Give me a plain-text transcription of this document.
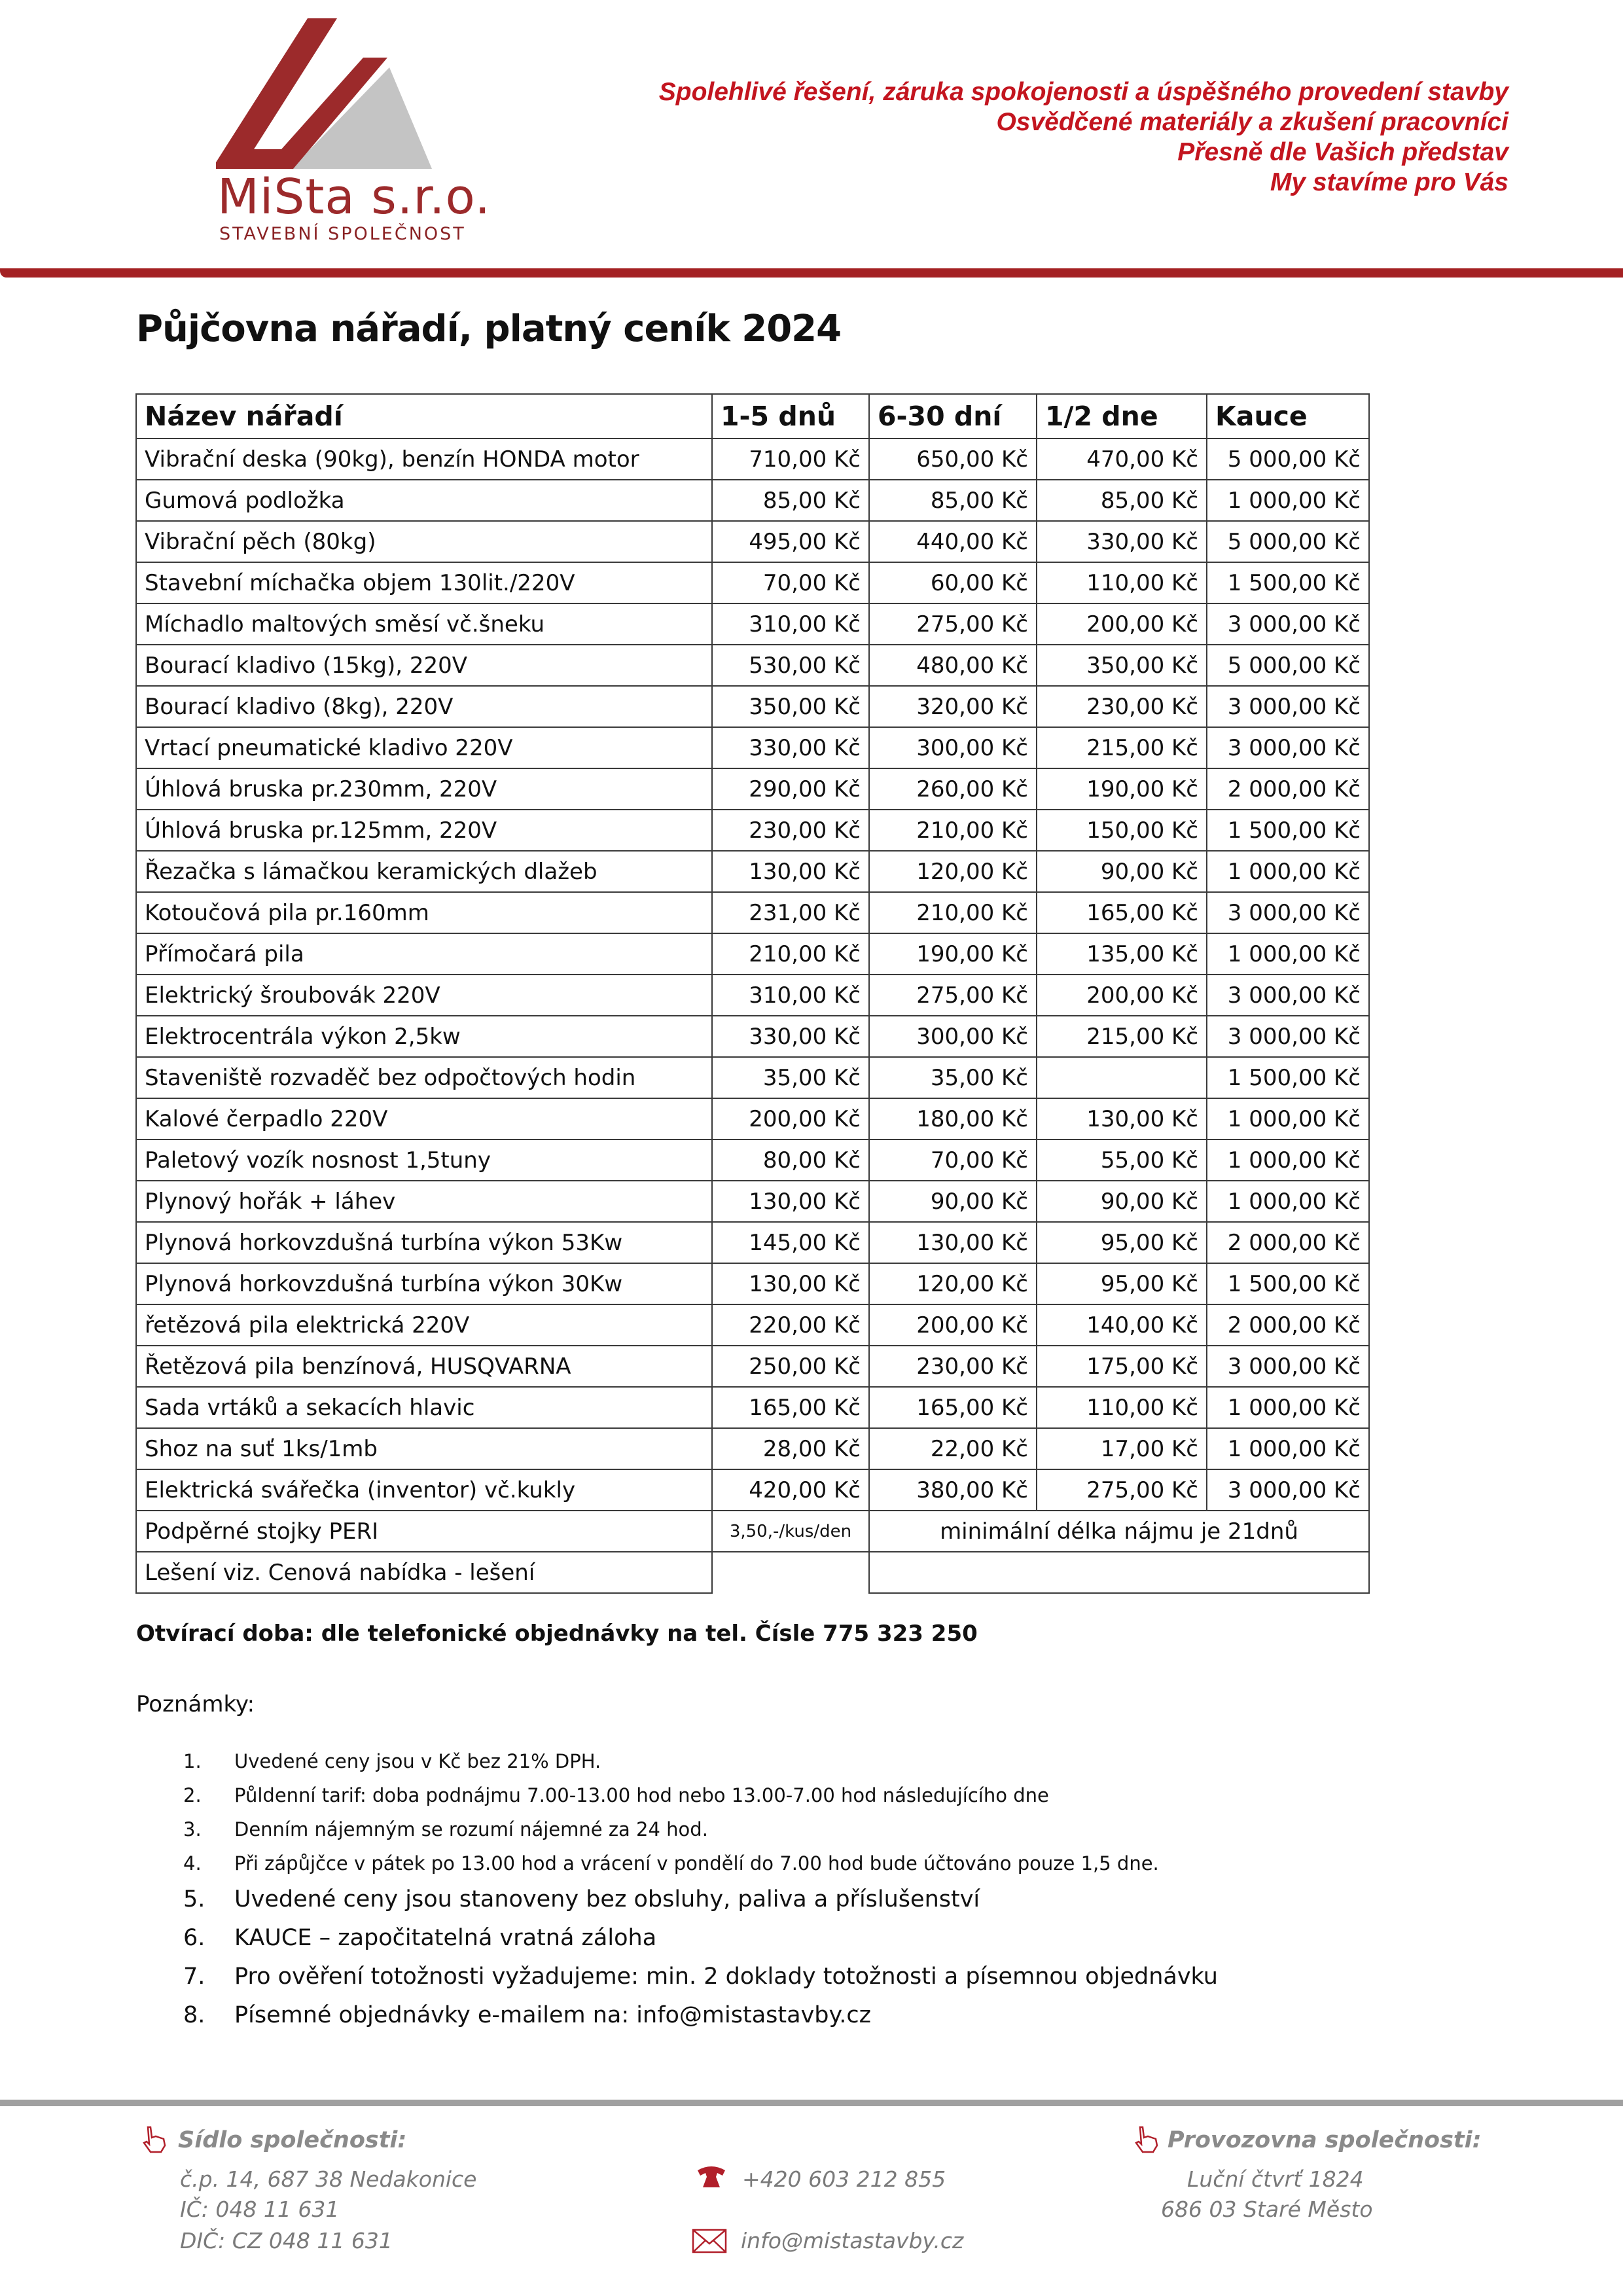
MiSta s.r.o.
STAVEBNÍ SPOLEČNOST
Spolehlivé řešení, záruka spokojenosti a úspěšného provedení stavby
Osvědčené materiály a zkušení pracovníci
Přesně dle Vašich představ
My stavíme pro Vás
Půjčovna nářadí, platný ceník 2024
Název nářadí	1-5 dnů	6-30 dní	1/2 dne	Kauce
Vibrační deska (90kg), benzín HONDA motor	710,00 Kč	650,00 Kč	470,00 Kč	5 000,00 Kč
Gumová podložka	85,00 Kč	85,00 Kč	85,00 Kč	1 000,00 Kč
Vibrační pěch (80kg)	495,00 Kč	440,00 Kč	330,00 Kč	5 000,00 Kč
Stavební míchačka objem 130lit./220V	70,00 Kč	60,00 Kč	110,00 Kč	1 500,00 Kč
Míchadlo maltových směsí vč.šneku	310,00 Kč	275,00 Kč	200,00 Kč	3 000,00 Kč
Bourací kladivo (15kg), 220V	530,00 Kč	480,00 Kč	350,00 Kč	5 000,00 Kč
Bourací kladivo (8kg), 220V	350,00 Kč	320,00 Kč	230,00 Kč	3 000,00 Kč
Vrtací pneumatické kladivo 220V	330,00 Kč	300,00 Kč	215,00 Kč	3 000,00 Kč
Úhlová bruska pr.230mm, 220V	290,00 Kč	260,00 Kč	190,00 Kč	2 000,00 Kč
Úhlová bruska pr.125mm, 220V	230,00 Kč	210,00 Kč	150,00 Kč	1 500,00 Kč
Řezačka s lámačkou keramických dlažeb	130,00 Kč	120,00 Kč	90,00 Kč	1 000,00 Kč
Kotoučová pila pr.160mm	231,00 Kč	210,00 Kč	165,00 Kč	3 000,00 Kč
Přímočará pila	210,00 Kč	190,00 Kč	135,00 Kč	1 000,00 Kč
Elektrický šroubovák 220V	310,00 Kč	275,00 Kč	200,00 Kč	3 000,00 Kč
Elektrocentrála výkon 2,5kw	330,00 Kč	300,00 Kč	215,00 Kč	3 000,00 Kč
Staveniště rozvaděč bez odpočtových hodin	35,00 Kč	35,00 Kč		1 500,00 Kč
Kalové čerpadlo 220V	200,00 Kč	180,00 Kč	130,00 Kč	1 000,00 Kč
Paletový vozík nosnost 1,5tuny	80,00 Kč	70,00 Kč	55,00 Kč	1 000,00 Kč
Plynový hořák + láhev	130,00 Kč	90,00 Kč	90,00 Kč	1 000,00 Kč
Plynová horkovzdušná turbína výkon 53Kw	145,00 Kč	130,00 Kč	95,00 Kč	2 000,00 Kč
Plynová horkovzdušná turbína výkon 30Kw	130,00 Kč	120,00 Kč	95,00 Kč	1 500,00 Kč
řetězová pila elektrická 220V	220,00 Kč	200,00 Kč	140,00 Kč	2 000,00 Kč
Řetězová pila benzínová, HUSQVARNA	250,00 Kč	230,00 Kč	175,00 Kč	3 000,00 Kč
Sada vrtáků a sekacích hlavic	165,00 Kč	165,00 Kč	110,00 Kč	1 000,00 Kč
Shoz na suť 1ks/1mb	28,00 Kč	22,00 Kč	17,00 Kč	1 000,00 Kč
Elektrická svářečka (inventor) vč.kukly	420,00 Kč	380,00 Kč	275,00 Kč	3 000,00 Kč
Podpěrné stojky PERI	3,50,-/kus/den	minimální délka nájmu je 21dnů		
Lešení viz. Cenová nabídka - lešení				
Otvírací doba: dle telefonické objednávky na tel. Čísle 775 323 250
Poznámky:
1.	Uvedené ceny jsou v Kč bez 21% DPH.
2.	Půldenní tarif: doba podnájmu 7.00-13.00 hod nebo 13.00-7.00 hod následujícího dne
3.	Denním nájemným se rozumí nájemné za 24 hod.
4.	Při zápůjčce v pátek po 13.00 hod a vrácení v pondělí do 7.00 hod bude účtováno pouze 1,5 dne.
5. Uvedené ceny jsou stanoveny bez obsluhy, paliva a příslušenství
6. KAUCE – započitatelná vratná záloha
7. Pro ověření totožnosti vyžadujeme: min. 2 doklady totožnosti a písemnou objednávku
8. Písemné objednávky e-mailem na: info@mistastavby.cz
Sídlo společnosti:
č.p. 14, 687 38 Nedakonice
IČ: 048 11 631
DIČ: CZ 048 11 631
+420 603 212 855
info@mistastavby.cz
Provozovna společnosti:
Luční čtvrť 1824
686 03 Staré Město
